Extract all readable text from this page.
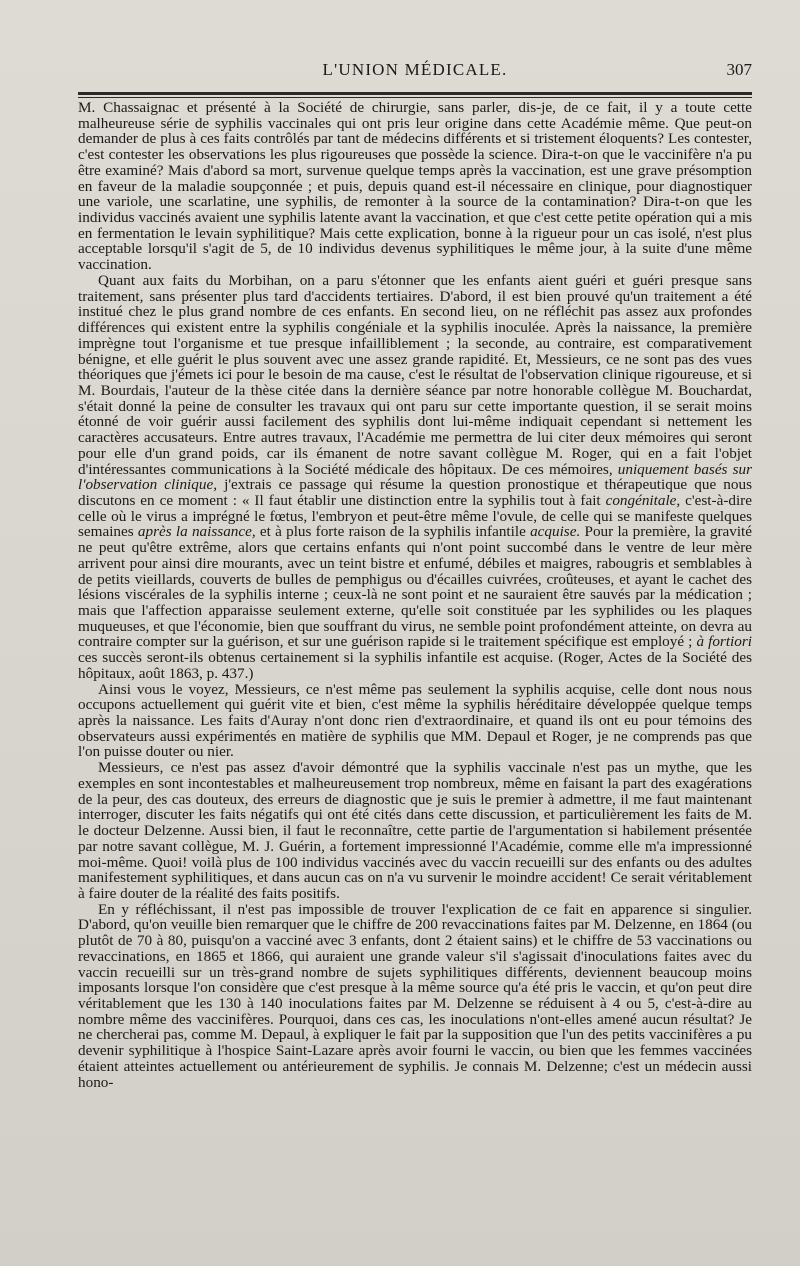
L'UNION MÉDICALE.	307

M. Chassaignac et présenté à la Société de chirurgie, sans parler, dis-je, de ce fait, il y a toute cette malheureuse série de syphilis vaccinales qui ont pris leur origine dans cette Académie même. Que peut-on demander de plus à ces faits contrôlés par tant de médecins différents et si tristement éloquents? Les contester, c'est contester les observations les plus rigoureuses que possède la science. Dira-t-on que le vaccinifère n'a pu être examiné? Mais d'abord sa mort, survenue quelque temps après la vaccination, est une grave présomption en faveur de la maladie soupçonnée ; et puis, depuis quand est-il nécessaire en clinique, pour diagnostiquer une variole, une scarlatine, une syphilis, de remonter à la source de la contamination? Dira-t-on que les individus vaccinés avaient une syphilis latente avant la vaccination, et que c'est cette petite opération qui a mis en fermentation le levain syphilitique? Mais cette explication, bonne à la rigueur pour un cas isolé, n'est plus acceptable lorsqu'il s'agit de 5, de 10 individus devenus syphilitiques le même jour, à la suite d'une même vaccination.

Quant aux faits du Morbihan, on a paru s'étonner que les enfants aient guéri et guéri presque sans traitement, sans présenter plus tard d'accidents tertiaires. D'abord, il est bien prouvé qu'un traitement a été institué chez le plus grand nombre de ces enfants. En second lieu, on ne réfléchit pas assez aux profondes différences qui existent entre la syphilis congéniale et la syphilis inoculée. Après la naissance, la première imprègne tout l'organisme et tue presque infailliblement ; la seconde, au contraire, est comparativement bénigne, et elle guérit le plus souvent avec une assez grande rapidité. Et, Messieurs, ce ne sont pas des vues théoriques que j'émets ici pour le besoin de ma cause, c'est le résultat de l'observation clinique rigoureuse, et si M. Bourdais, l'auteur de la thèse citée dans la dernière séance par notre honorable collègue M. Bouchardat, s'était donné la peine de consulter les travaux qui ont paru sur cette importante question, il se serait moins étonné de voir guérir aussi facilement des syphilis dont lui-même indiquait cependant si nettement les caractères accusateurs. Entre autres travaux, l'Académie me permettra de lui citer deux mémoires qui seront pour elle d'un grand poids, car ils émanent de notre savant collègue M. Roger, qui en a fait l'objet d'intéressantes communications à la Société médicale des hôpitaux. De ces mémoires, uniquement basés sur l'observation clinique, j'extrais ce passage qui résume la question pronostique et thérapeutique que nous discutons en ce moment : « Il faut établir une distinction entre la syphilis tout à fait congénitale, c'est-à-dire celle où le virus a imprégné le fœtus, l'embryon et peut-être même l'ovule, de celle qui se manifeste quelques semaines après la naissance, et à plus forte raison de la syphilis infantile acquise. Pour la première, la gravité ne peut qu'être extrême, alors que certains enfants qui n'ont point succombé dans le ventre de leur mère arrivent pour ainsi dire mourants, avec un teint bistre et enfumé, débiles et maigres, rabougris et semblables à de petits vieillards, couverts de bulles de pemphigus ou d'écailles cuivrées, croûteuses, et ayant le cachet des lésions viscérales de la syphilis interne ; ceux-là ne sont point et ne sauraient être sauvés par la médication ; mais que l'affection apparaisse seulement externe, qu'elle soit constituée par les syphilides ou les plaques muqueuses, et que l'économie, bien que souffrant du virus, ne semble point profondément atteinte, on devra au contraire compter sur la guérison, et sur une guérison rapide si le traitement spécifique est employé ; à fortiori ces succès seront-ils obtenus certainement si la syphilis infantile est acquise. (Roger, Actes de la Société des hôpitaux, août 1863, p. 437.)

Ainsi vous le voyez, Messieurs, ce n'est même pas seulement la syphilis acquise, celle dont nous nous occupons actuellement qui guérit vite et bien, c'est même la syphilis héréditaire développée quelque temps après la naissance. Les faits d'Auray n'ont donc rien d'extraordinaire, et quand ils ont eu pour témoins des observateurs aussi expérimentés en matière de syphilis que MM. Depaul et Roger, je ne comprends pas que l'on puisse douter ou nier.

Messieurs, ce n'est pas assez d'avoir démontré que la syphilis vaccinale n'est pas un mythe, que les exemples en sont incontestables et malheureusement trop nombreux, même en faisant la part des exagérations de la peur, des cas douteux, des erreurs de diagnostic que je suis le premier à admettre, il me faut maintenant interroger, discuter les faits négatifs qui ont été cités dans cette discussion, et particulièrement les faits de M. le docteur Delzenne. Aussi bien, il faut le reconnaître, cette partie de l'argumentation si habilement présentée par notre savant collègue, M. J. Guérin, a fortement impressionné l'Académie, comme elle m'a impressionné moi-même. Quoi! voilà plus de 100 individus vaccinés avec du vaccin recueilli sur des enfants ou des adultes manifestement syphilitiques, et dans aucun cas on n'a vu survenir le moindre accident! Ce serait véritablement à faire douter de la réalité des faits positifs.

En y réfléchissant, il n'est pas impossible de trouver l'explication de ce fait en apparence si singulier. D'abord, qu'on veuille bien remarquer que le chiffre de 200 revaccinations faites par M. Delzenne, en 1864 (ou plutôt de 70 à 80, puisqu'on a vacciné avec 3 enfants, dont 2 étaient sains) et le chiffre de 53 vaccinations ou revaccinations, en 1865 et 1866, qui auraient une grande valeur s'il s'agissait d'inoculations faites avec du vaccin recueilli sur un très-grand nombre de sujets syphilitiques différents, deviennent beaucoup moins imposants lorsque l'on considère que c'est presque à la même source qu'a été pris le vaccin, et qu'on peut dire véritablement que les 130 à 140 inoculations faites par M. Delzenne se réduisent à 4 ou 5, c'est-à-dire au nombre même des vaccinifères. Pourquoi, dans ces cas, les inoculations n'ont-elles amené aucun résultat? Je ne chercherai pas, comme M. Depaul, à expliquer le fait par la supposition que l'un des petits vaccinifères a pu devenir syphilitique à l'hospice Saint-Lazare après avoir fourni le vaccin, ou bien que les femmes vaccinées étaient atteintes actuellement ou antérieurement de syphilis. Je connais M. Delzenne; c'est un médecin aussi hono-
